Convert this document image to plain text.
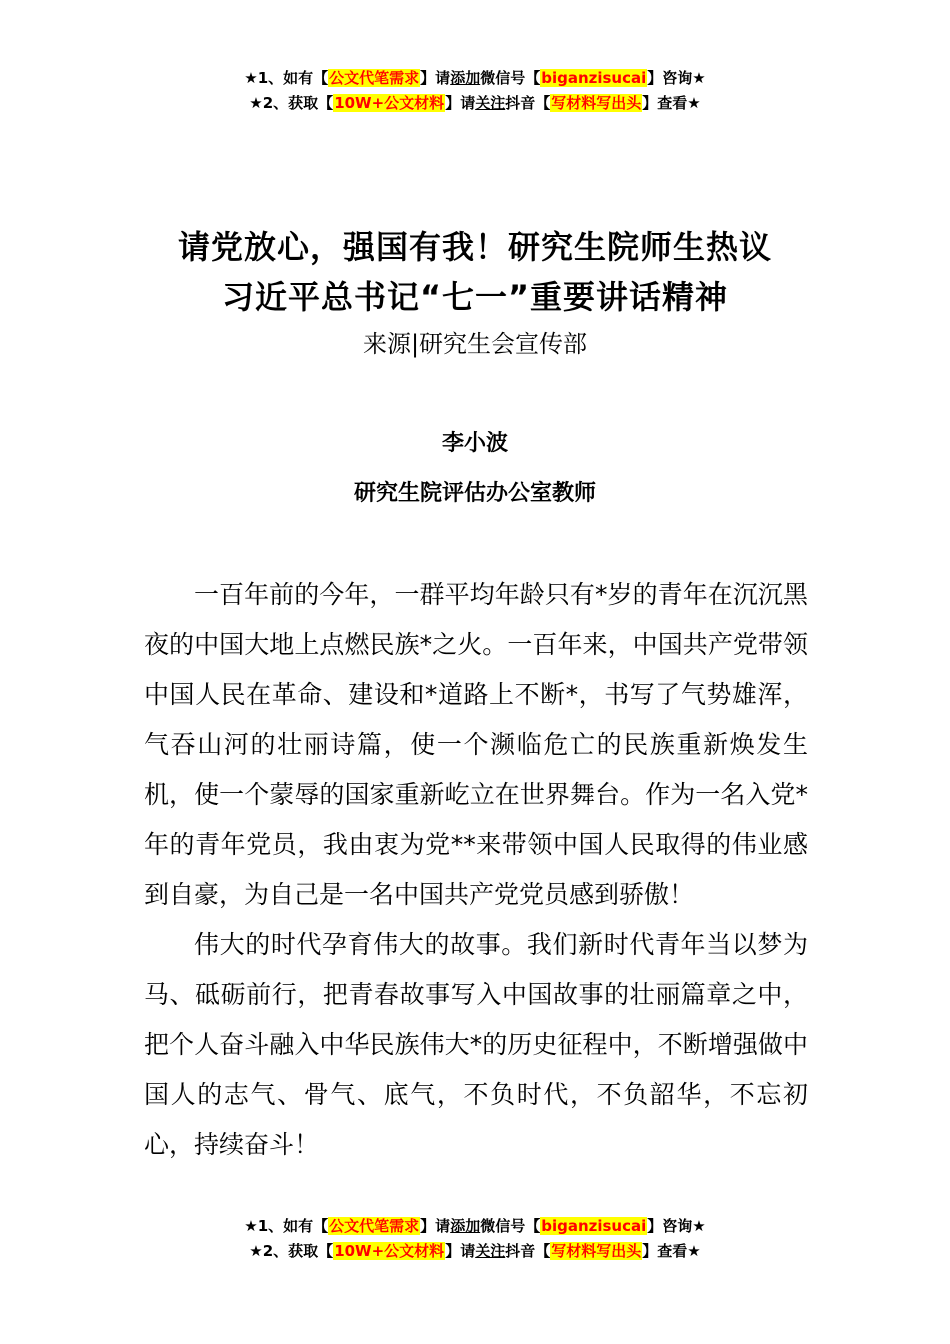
★1、如有【公文代笔需求】请添加微信号【biganzisucai】咨询★
★2、获取【10W+公文材料】请关注抖音【写材料写出头】查看★
请党放心，强国有我！研究生院师生热议
习近平总书记“七一”重要讲话精神
来源|研究生会宣传部
李小波
研究生院评估办公室教师

一百年前的今年，一群平均年龄只有*岁的青年在沉沉黑夜的中国大地上点燃民族*之火。一百年来，中国共产党带领中国人民在革命、建设和*道路上不断*，书写了气势雄浑，气吞山河的壮丽诗篇，使一个濒临危亡的民族重新焕发生机，使一个蒙辱的国家重新屹立在世界舞台。作为一名入党*年的青年党员，我由衷为党**来带领中国人民取得的伟业感到自豪，为自己是一名中国共产党党员感到骄傲！

伟大的时代孕育伟大的故事。我们新时代青年当以梦为马、砥砺前行，把青春故事写入中国故事的壮丽篇章之中，把个人奋斗融入中华民族伟大*的历史征程中，不断增强做中国人的志气、骨气、底气，不负时代，不负韶华，不忘初心，持续奋斗！

★1、如有【公文代笔需求】请添加微信号【biganzisucai】咨询★
★2、获取【10W+公文材料】请关注抖音【写材料写出头】查看★
